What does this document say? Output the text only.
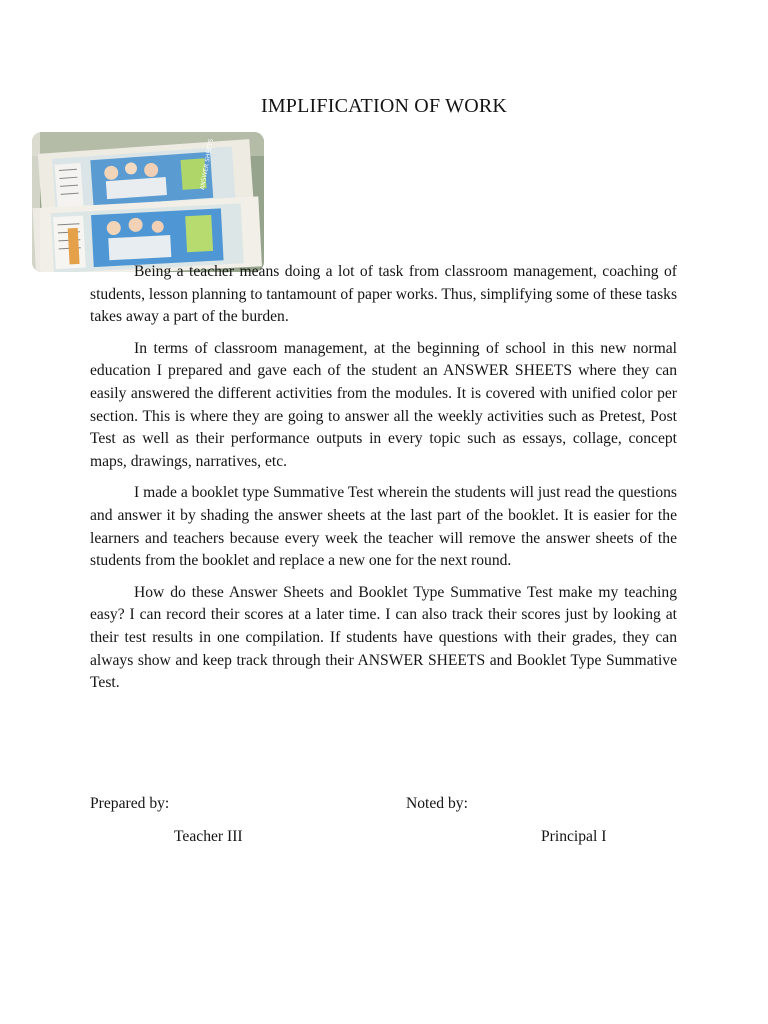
IMPLIFICATION OF WORK
ANSWER SHEETS

Being a teacher means doing a lot of task from classroom management, coaching of students, lesson planning to tantamount of paper works. Thus, simplifying some of these tasks takes away a part of the burden.

In terms of classroom management, at the beginning of school in this new normal education I prepared and gave each of the student an ANSWER SHEETS where they can easily answered the different activities from the modules. It is covered with unified color per section. This is where they are going to answer all the weekly activities such as Pretest, Post Test as well as their performance outputs in every topic such as essays, collage, concept maps, drawings, narratives, etc.

I made a booklet type Summative Test wherein the students will just read the questions and answer it by shading the answer sheets at the last part of the booklet. It is easier for the learners and teachers because every week the teacher will remove the answer sheets of the students from the booklet and replace a new one for the next round.

How do these Answer Sheets and Booklet Type Summative Test make my teaching easy? I can record their scores at a later time. I can also track their scores just by looking at their test results in one compilation. If students have questions with their grades, they can always show and keep track through their ANSWER SHEETS and Booklet Type Summative Test.

Prepared by:	Noted by:
Teacher III	Principal I
